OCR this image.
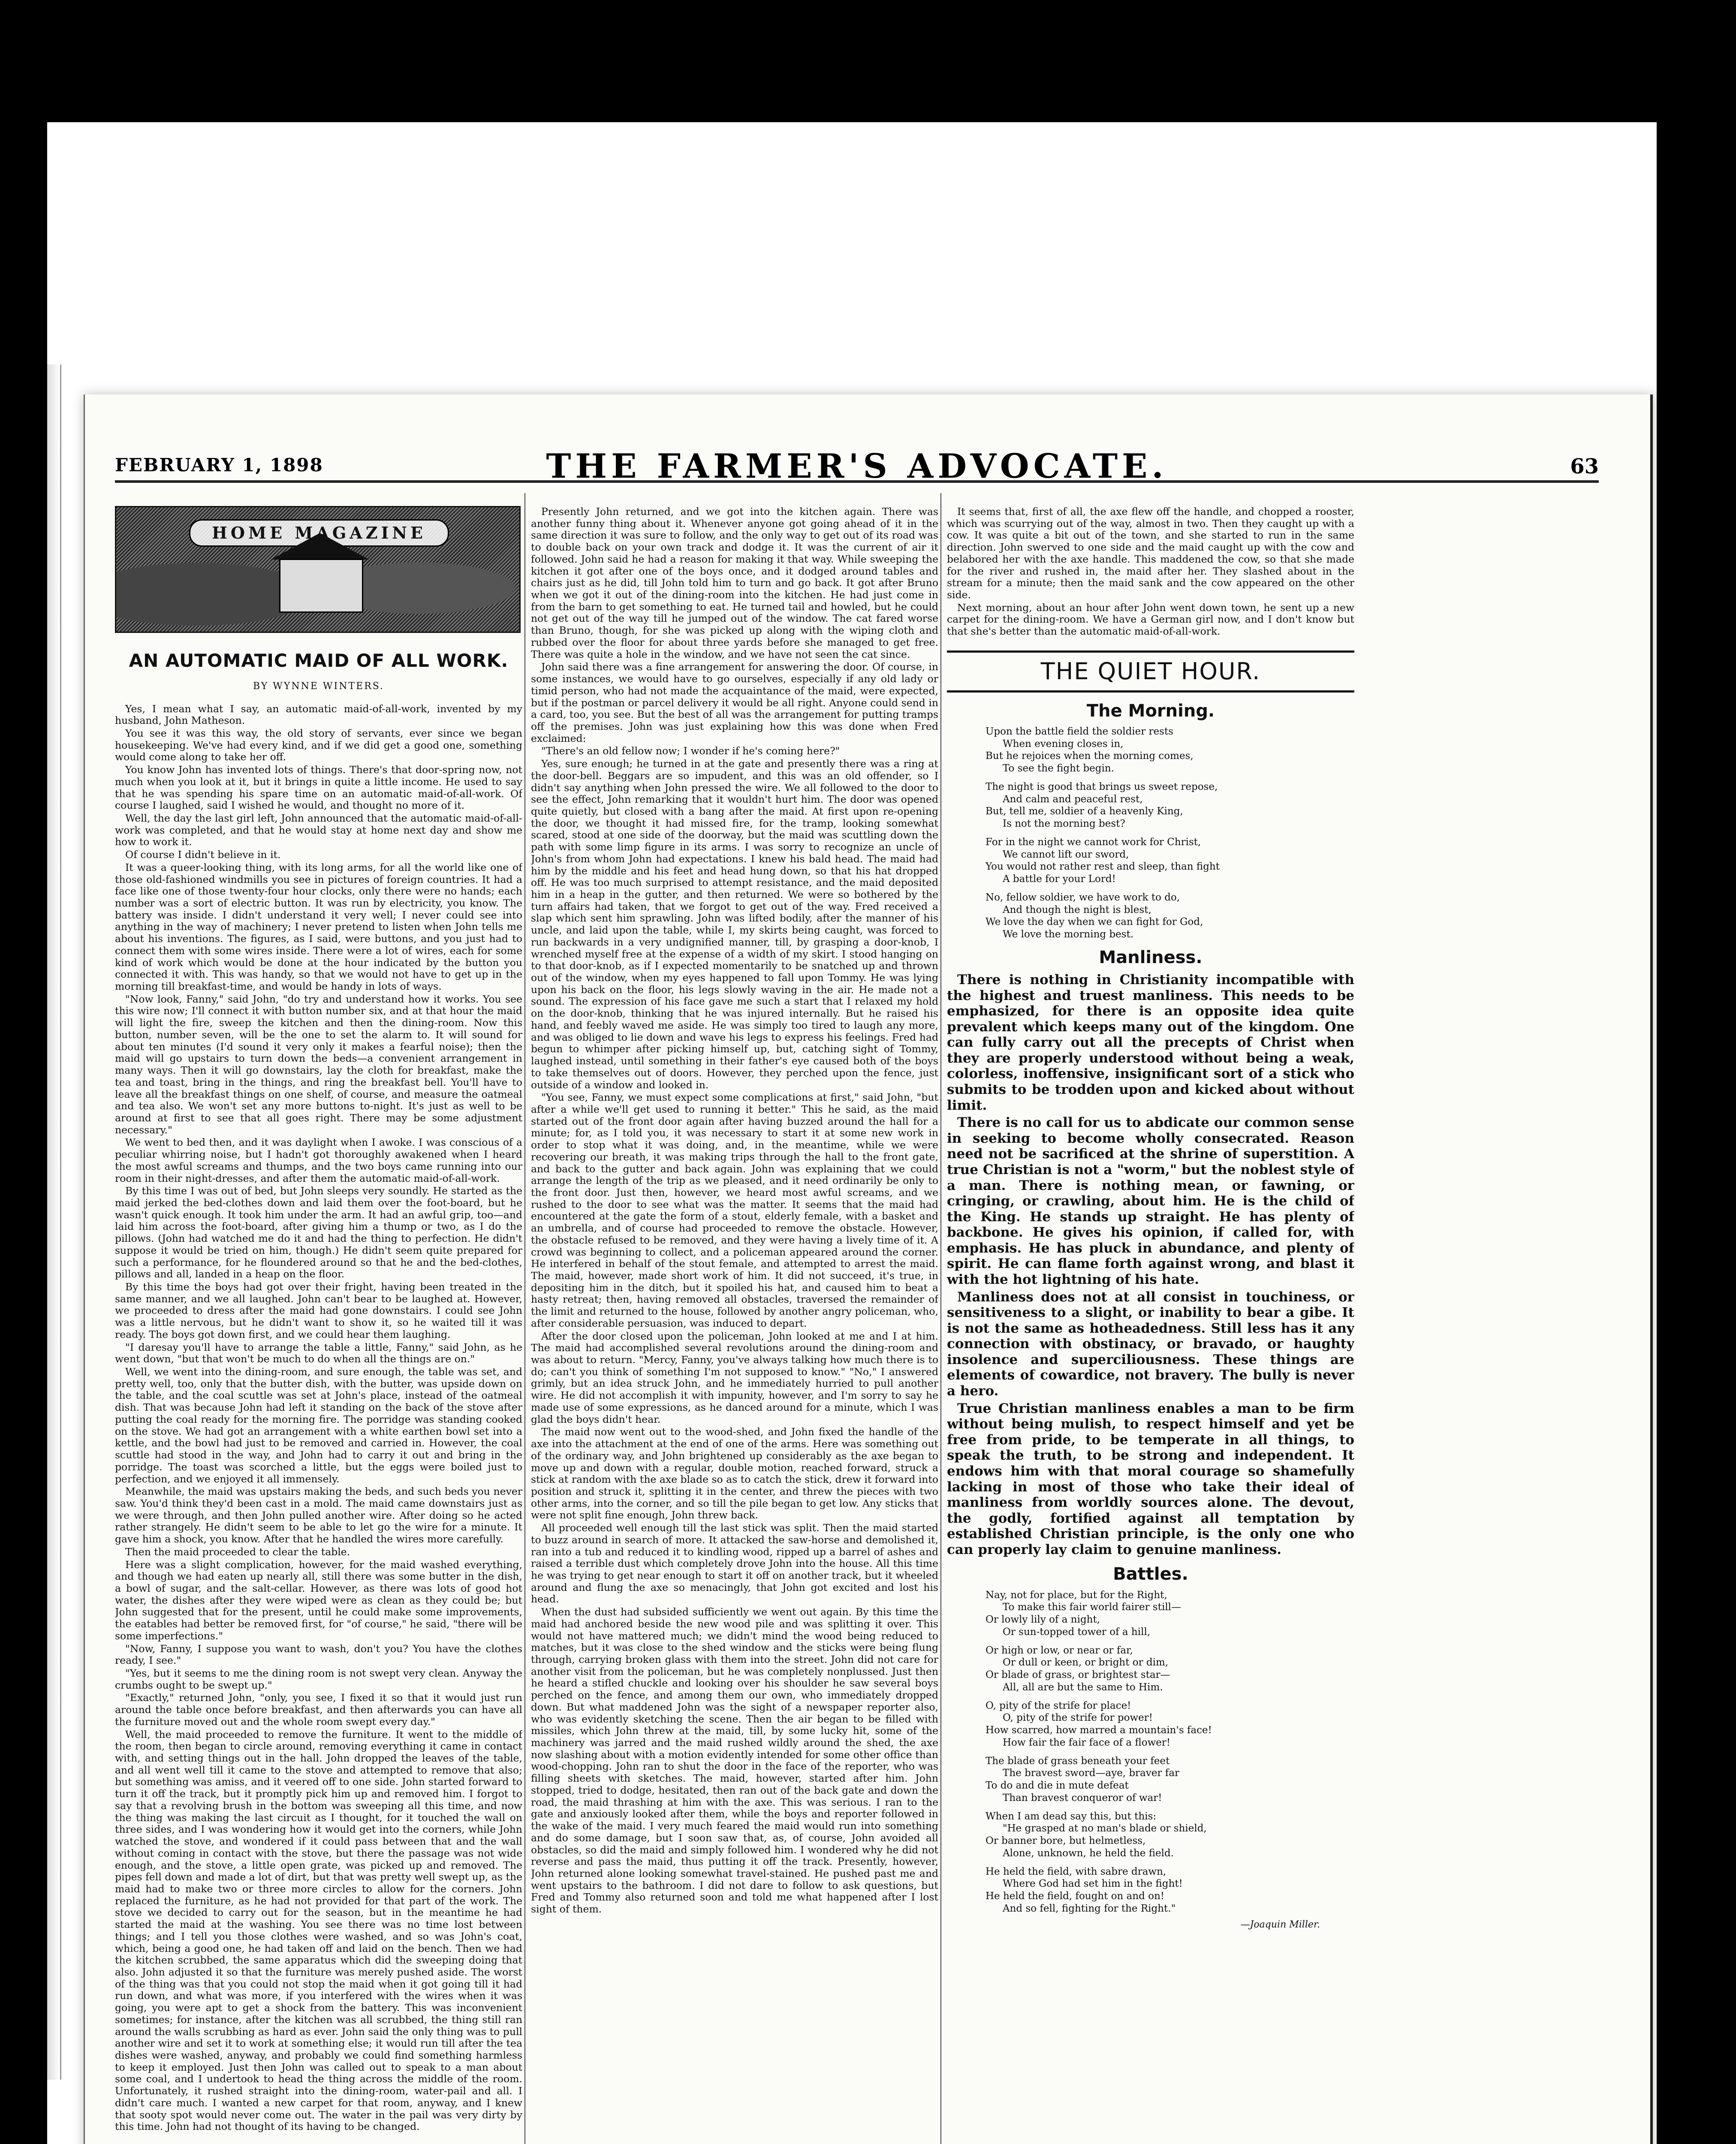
FEBRUARY 1, 1898	THE FARMER'S ADVOCATE.	63
HOME MAGAZINE
AN AUTOMATIC MAID OF ALL WORK.
BY WYNNE WINTERS.

Yes, I mean what I say, an automatic maid-of-all-work, invented by my husband, John Matheson.

You see it was this way, the old story of servants, ever since we began housekeeping. We've had every kind, and if we did get a good one, something would come along to take her off.

You know John has invented lots of things. There's that door-spring now, not much when you look at it, but it brings in quite a little income. He used to say that he was spending his spare time on an automatic maid-of-all-work. Of course I laughed, said I wished he would, and thought no more of it.

Well, the day the last girl left, John announced that the automatic maid-of-all-work was completed, and that he would stay at home next day and show me how to work it.

Of course I didn't believe in it.

It was a queer-looking thing, with its long arms, for all the world like one of those old-fashioned windmills you see in pictures of foreign countries. It had a face like one of those twenty-four hour clocks, only there were no hands; each number was a sort of electric button. It was run by electricity, you know. The battery was inside. I didn't understand it very well; I never could see into anything in the way of machinery; I never pretend to listen when John tells me about his inventions. The figures, as I said, were buttons, and you just had to connect them with some wires inside. There were a lot of wires, each for some kind of work which would be done at the hour indicated by the button you connected it with. This was handy, so that we would not have to get up in the morning till breakfast-time, and would be handy in lots of ways.

"Now look, Fanny," said John, "do try and understand how it works. You see this wire now; I'll connect it with button number six, and at that hour the maid will light the fire, sweep the kitchen and then the dining-room. Now this button, number seven, will be the one to set the alarm to. It will sound for about ten minutes (I'd sound it very only it makes a fearful noise); then the maid will go upstairs to turn down the beds—a convenient arrangement in many ways. Then it will go downstairs, lay the cloth for breakfast, make the tea and toast, bring in the things, and ring the breakfast bell. You'll have to leave all the breakfast things on one shelf, of course, and measure the oatmeal and tea also. We won't set any more buttons to-night. It's just as well to be around at first to see that all goes right. There may be some adjustment necessary."

We went to bed then, and it was daylight when I awoke. I was conscious of a peculiar whirring noise, but I hadn't got thoroughly awakened when I heard the most awful screams and thumps, and the two boys came running into our room in their night-dresses, and after them the automatic maid-of-all-work.

By this time I was out of bed, but John sleeps very soundly. He started as the maid jerked the bed-clothes down and laid them over the foot-board, but he wasn't quick enough. It took him under the arm. It had an awful grip, too—and laid him across the foot-board, after giving him a thump or two, as I do the pillows. (John had watched me do it and had the thing to perfection. He didn't suppose it would be tried on him, though.) He didn't seem quite prepared for such a performance, for he floundered around so that he and the bed-clothes, pillows and all, landed in a heap on the floor.

By this time the boys had got over their fright, having been treated in the same manner, and we all laughed. John can't bear to be laughed at. However, we proceeded to dress after the maid had gone downstairs. I could see John was a little nervous, but he didn't want to show it, so he waited till it was ready. The boys got down first, and we could hear them laughing.

"I daresay you'll have to arrange the table a little, Fanny," said John, as he went down, "but that won't be much to do when all the things are on."

Well, we went into the dining-room, and sure enough, the table was set, and pretty well, too, only that the butter dish, with the butter, was upside down on the table, and the coal scuttle was set at John's place, instead of the oatmeal dish. That was because John had left it standing on the back of the stove after putting the coal ready for the morning fire. The porridge was standing cooked on the stove. We had got an arrangement with a white earthen bowl set into a kettle, and the bowl had just to be removed and carried in. However, the coal scuttle had stood in the way, and John had to carry it out and bring in the porridge. The toast was scorched a little, but the eggs were boiled just to perfection, and we enjoyed it all immensely.

Meanwhile, the maid was upstairs making the beds, and such beds you never saw. You'd think they'd been cast in a mold. The maid came downstairs just as we were through, and then John pulled another wire. After doing so he acted rather strangely. He didn't seem to be able to let go the wire for a minute. It gave him a shock, you know. After that he handled the wires more carefully.

Then the maid proceeded to clear the table.

Here was a slight complication, however, for the maid washed everything, and though we had eaten up nearly all, still there was some butter in the dish, a bowl of sugar, and the salt-cellar. However, as there was lots of good hot water, the dishes after they were wiped were as clean as they could be; but John suggested that for the present, until he could make some improvements, the eatables had better be removed first, for "of course," he said, "there will be some imperfections."

"Now, Fanny, I suppose you want to wash, don't you? You have the clothes ready, I see."

"Yes, but it seems to me the dining room is not swept very clean. Anyway the crumbs ought to be swept up."

"Exactly," returned John, "only, you see, I fixed it so that it would just run around the table once before breakfast, and then afterwards you can have all the furniture moved out and the whole room swept every day."

Well, the maid proceeded to remove the furniture. It went to the middle of the room, then began to circle around, removing everything it came in contact with, and setting things out in the hall. John dropped the leaves of the table, and all went well till it came to the stove and attempted to remove that also; but something was amiss, and it veered off to one side. John started forward to turn it off the track, but it promptly pick him up and removed him. I forgot to say that a revolving brush in the bottom was sweeping all this time, and now the thing was making the last circuit as I thought, for it touched the wall on three sides, and I was wondering how it would get into the corners, while John watched the stove, and wondered if it could pass between that and the wall without coming in contact with the stove, but there the passage was not wide enough, and the stove, a little open grate, was picked up and removed. The pipes fell down and made a lot of dirt, but that was pretty well swept up, as the maid had to make two or three more circles to allow for the corners. John replaced the furniture, as he had not provided for that part of the work. The stove we decided to carry out for the season, but in the meantime he had started the maid at the washing. You see there was no time lost between things; and I tell you those clothes were washed, and so was John's coat, which, being a good one, he had taken off and laid on the bench. Then we had the kitchen scrubbed, the same apparatus which did the sweeping doing that also. John adjusted it so that the furniture was merely pushed aside. The worst of the thing was that you could not stop the maid when it got going till it had run down, and what was more, if you interfered with the wires when it was going, you were apt to get a shock from the battery. This was inconvenient sometimes; for instance, after the kitchen was all scrubbed, the thing still ran around the walls scrubbing as hard as ever. John said the only thing was to pull another wire and set it to work at something else; it would run till after the tea dishes were washed, anyway, and probably we could find something harmless to keep it employed. Just then John was called out to speak to a man about some coal, and I undertook to head the thing across the middle of the room. Unfortunately, it rushed straight into the dining-room, water-pail and all. I didn't care much. I wanted a new carpet for that room, anyway, and I knew that sooty spot would never come out. The water in the pail was very dirty by this time. John had not thought of its having to be changed.

Presently John returned, and we got into the kitchen again. There was another funny thing about it. Whenever anyone got going ahead of it in the same direction it was sure to follow, and the only way to get out of its road was to double back on your own track and dodge it. It was the current of air it followed. John said he had a reason for making it that way. While sweeping the kitchen it got after one of the boys once, and it dodged around tables and chairs just as he did, till John told him to turn and go back. It got after Bruno when we got it out of the dining-room into the kitchen. He had just come in from the barn to get something to eat. He turned tail and howled, but he could not get out of the way till he jumped out of the window. The cat fared worse than Bruno, though, for she was picked up along with the wiping cloth and rubbed over the floor for about three yards before she managed to get free. There was quite a hole in the window, and we have not seen the cat since.

John said there was a fine arrangement for answering the door. Of course, in some instances, we would have to go ourselves, especially if any old lady or timid person, who had not made the acquaintance of the maid, were expected, but if the postman or parcel delivery it would be all right. Anyone could send in a card, too, you see. But the best of all was the arrangement for putting tramps off the premises. John was just explaining how this was done when Fred exclaimed:

"There's an old fellow now; I wonder if he's coming here?"

Yes, sure enough; he turned in at the gate and presently there was a ring at the door-bell. Beggars are so impudent, and this was an old offender, so I didn't say anything when John pressed the wire. We all followed to the door to see the effect, John remarking that it wouldn't hurt him. The door was opened quite quietly, but closed with a bang after the maid. At first upon re-opening the door, we thought it had missed fire, for the tramp, looking somewhat scared, stood at one side of the doorway, but the maid was scuttling down the path with some limp figure in its arms. I was sorry to recognize an uncle of John's from whom John had expectations. I knew his bald head. The maid had him by the middle and his feet and head hung down, so that his hat dropped off. He was too much surprised to attempt resistance, and the maid deposited him in a heap in the gutter, and then returned. We were so bothered by the turn affairs had taken, that we forgot to get out of the way. Fred received a slap which sent him sprawling. John was lifted bodily, after the manner of his uncle, and laid upon the table, while I, my skirts being caught, was forced to run backwards in a very undignified manner, till, by grasping a door-knob, I wrenched myself free at the expense of a width of my skirt. I stood hanging on to that door-knob, as if I expected momentarily to be snatched up and thrown out of the window, when my eyes happened to fall upon Tommy. He was lying upon his back on the floor, his legs slowly waving in the air. He made not a sound. The expression of his face gave me such a start that I relaxed my hold on the door-knob, thinking that he was injured internally. But he raised his hand, and feebly waved me aside. He was simply too tired to laugh any more, and was obliged to lie down and wave his legs to express his feelings. Fred had begun to whimper after picking himself up, but, catching sight of Tommy, laughed instead, until something in their father's eye caused both of the boys to take themselves out of doors. However, they perched upon the fence, just outside of a window and looked in.

"You see, Fanny, we must expect some complications at first," said John, "but after a while we'll get used to running it better." This he said, as the maid started out of the front door again after having buzzed around the hall for a minute; for, as I told you, it was necessary to start it at some new work in order to stop what it was doing, and, in the meantime, while we were recovering our breath, it was making trips through the hall to the front gate, and back to the gutter and back again. John was explaining that we could arrange the length of the trip as we pleased, and it need ordinarily be only to the front door. Just then, however, we heard most awful screams, and we rushed to the door to see what was the matter. It seems that the maid had encountered at the gate the form of a stout, elderly female, with a basket and an umbrella, and of course had proceeded to remove the obstacle. However, the obstacle refused to be removed, and they were having a lively time of it. A crowd was beginning to collect, and a policeman appeared around the corner. He interfered in behalf of the stout female, and attempted to arrest the maid. The maid, however, made short work of him. It did not succeed, it's true, in depositing him in the ditch, but it spoiled his hat, and caused him to beat a hasty retreat; then, having removed all obstacles, traversed the remainder of the limit and returned to the house, followed by another angry policeman, who, after considerable persuasion, was induced to depart.

After the door closed upon the policeman, John looked at me and I at him. The maid had accomplished several revolutions around the dining-room and was about to return. "Mercy, Fanny, you've always talking how much there is to do; can't you think of something I'm not supposed to know." "No," I answered grimly, but an idea struck John, and he immediately hurried to pull another wire. He did not accomplish it with impunity, however, and I'm sorry to say he made use of some expressions, as he danced around for a minute, which I was glad the boys didn't hear.

The maid now went out to the wood-shed, and John fixed the handle of the axe into the attachment at the end of one of the arms. Here was something out of the ordinary way, and John brightened up considerably as the axe began to move up and down with a regular, double motion, reached forward, struck a stick at random with the axe blade so as to catch the stick, drew it forward into position and struck it, splitting it in the center, and threw the pieces with two other arms, into the corner, and so till the pile began to get low. Any sticks that were not split fine enough, John threw back.

All proceeded well enough till the last stick was split. Then the maid started to buzz around in search of more. It attacked the saw-horse and demolished it, ran into a tub and reduced it to kindling wood, ripped up a barrel of ashes and raised a terrible dust which completely drove John into the house. All this time he was trying to get near enough to start it off on another track, but it wheeled around and flung the axe so menacingly, that John got excited and lost his head.

When the dust had subsided sufficiently we went out again. By this time the maid had anchored beside the new wood pile and was splitting it over. This would not have mattered much; we didn't mind the wood being reduced to matches, but it was close to the shed window and the sticks were being flung through, carrying broken glass with them into the street. John did not care for another visit from the policeman, but he was completely nonplussed. Just then he heard a stifled chuckle and looking over his shoulder he saw several boys perched on the fence, and among them our own, who immediately dropped down. But what maddened John was the sight of a newspaper reporter also, who was evidently sketching the scene. Then the air began to be filled with missiles, which John threw at the maid, till, by some lucky hit, some of the machinery was jarred and the maid rushed wildly around the shed, the axe now slashing about with a motion evidently intended for some other office than wood-chopping. John ran to shut the door in the face of the reporter, who was filling sheets with sketches. The maid, however, started after him. John stopped, tried to dodge, hesitated, then ran out of the back gate and down the road, the maid thrashing at him with the axe. This was serious. I ran to the gate and anxiously looked after them, while the boys and reporter followed in the wake of the maid. I very much feared the maid would run into something and do some damage, but I soon saw that, as, of course, John avoided all obstacles, so did the maid and simply followed him. I wondered why he did not reverse and pass the maid, thus putting it off the track. Presently, however, John returned alone looking somewhat travel-stained. He pushed past me and went upstairs to the bathroom. I did not dare to follow to ask questions, but Fred and Tommy also returned soon and told me what happened after I lost sight of them.

It seems that, first of all, the axe flew off the handle, and chopped a rooster, which was scurrying out of the way, almost in two. Then they caught up with a cow. It was quite a bit out of the town, and she started to run in the same direction. John swerved to one side and the maid caught up with the cow and belabored her with the axe handle. This maddened the cow, so that she made for the river and rushed in, the maid after her. They slashed about in the stream for a minute; then the maid sank and the cow appeared on the other side.

Next morning, about an hour after John went down town, he sent up a new carpet for the dining-room. We have a German girl now, and I don't know but that she's better than the automatic maid-of-all-work.

THE QUIET HOUR.
The Morning.
Upon the battle field the soldier rests
When evening closes in,
But he rejoices when the morning comes,
To see the fight begin.
The night is good that brings us sweet repose,
And calm and peaceful rest,
But, tell me, soldier of a heavenly King,
Is not the morning best?
For in the night we cannot work for Christ,
We cannot lift our sword,
You would not rather rest and sleep, than fight
A battle for your Lord!
No, fellow soldier, we have work to do,
And though the night is blest,
We love the day when we can fight for God,
We love the morning best.
Manliness.

There is nothing in Christianity incompatible with the highest and truest manliness. This needs to be emphasized, for there is an opposite idea quite prevalent which keeps many out of the kingdom. One can fully carry out all the precepts of Christ when they are properly understood without being a weak, colorless, inoffensive, insignificant sort of a stick who submits to be trodden upon and kicked about without limit.

There is no call for us to abdicate our common sense in seeking to become wholly consecrated. Reason need not be sacrificed at the shrine of superstition. A true Christian is not a "worm," but the noblest style of a man. There is nothing mean, or fawning, or cringing, or crawling, about him. He is the child of the King. He stands up straight. He has plenty of backbone. He gives his opinion, if called for, with emphasis. He has pluck in abundance, and plenty of spirit. He can flame forth against wrong, and blast it with the hot lightning of his hate.

Manliness does not at all consist in touchiness, or sensitiveness to a slight, or inability to bear a gibe. It is not the same as hotheadedness. Still less has it any connection with obstinacy, or bravado, or haughty insolence and superciliousness. These things are elements of cowardice, not bravery. The bully is never a hero.

True Christian manliness enables a man to be firm without being mulish, to respect himself and yet be free from pride, to be temperate in all things, to speak the truth, to be strong and independent. It endows him with that moral courage so shamefully lacking in most of those who take their ideal of manliness from worldly sources alone. The devout, the godly, fortified against all temptation by established Christian principle, is the only one who can properly lay claim to genuine manliness.

Battles.
Nay, not for place, but for the Right,
To make this fair world fairer still—
Or lowly lily of a night,
Or sun-topped tower of a hill,
Or high or low, or near or far,
Or dull or keen, or bright or dim,
Or blade of grass, or brightest star—
All, all are but the same to Him.
O, pity of the strife for place!
O, pity of the strife for power!
How scarred, how marred a mountain's face!
How fair the fair face of a flower!
The blade of grass beneath your feet
The bravest sword—aye, braver far
To do and die in mute defeat
Than bravest conqueror of war!
When I am dead say this, but this:
"He grasped at no man's blade or shield,
Or banner bore, but helmetless,
Alone, unknown, he held the field.
He held the field, with sabre drawn,
Where God had set him in the fight!
He held the field, fought on and on!
And so fell, fighting for the Right."
—Joaquin Miller.
